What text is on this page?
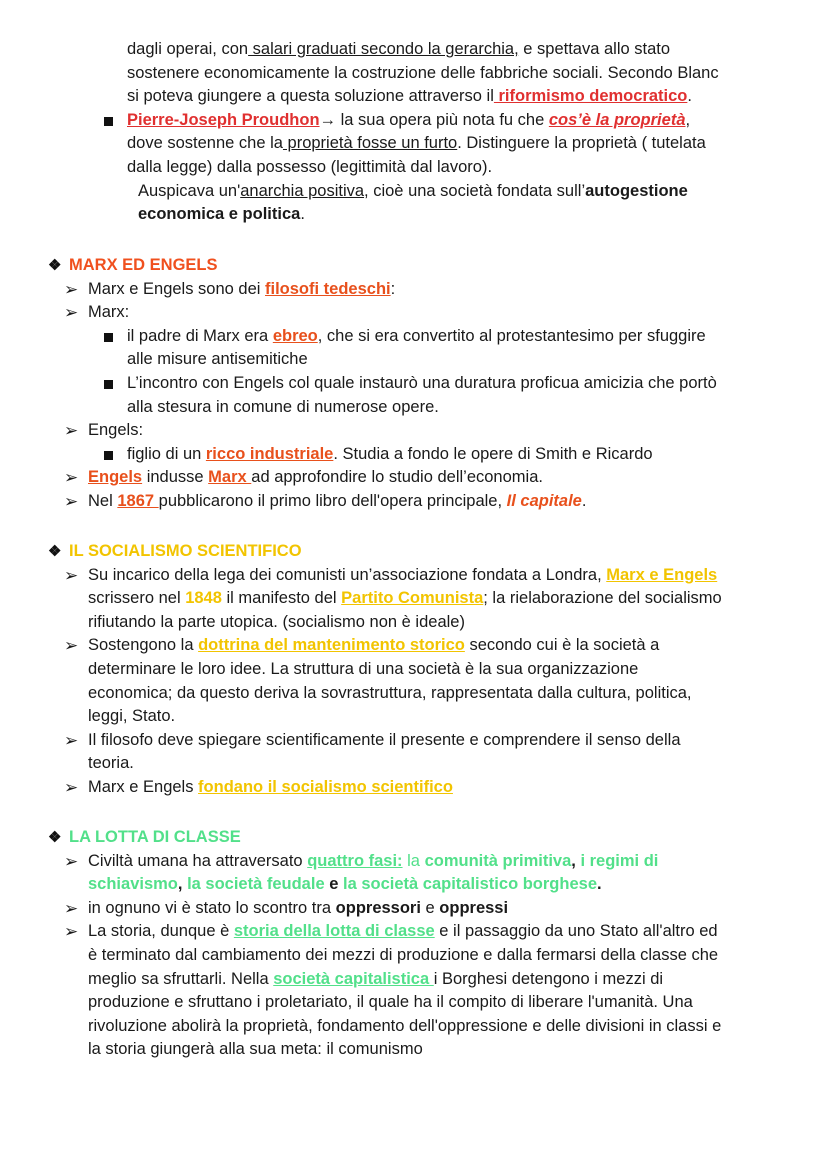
dagli operai, con salari graduati secondo la gerarchia, e spettava allo stato

sostenere economicamente la costruzione delle fabbriche sociali. Secondo Blanc

si poteva giungere a questa soluzione attraverso il riformismo democratico.

Pierre-Joseph Proudhon→ la sua opera più nota fu che cos’è la proprietà,

dove sostenne che la proprietà fosse un furto. Distinguere la proprietà ( tutelata

dalla legge) dalla possesso (legittimità dal lavoro).

Auspicava un'anarchia positiva, cioè una società fondata sull’autogestione

economica e politica.

❖ MARX ED ENGELS
➢ Marx e Engels sono dei filosofi tedeschi:

➢ Marx:

il padre di Marx era ebreo, che si era convertito al protestantesimo per sfuggire

alle misure antisemitiche

L’incontro con Engels col quale instaurò una duratura proficua amicizia che portò

alla stesura in comune di numerose opere.

➢ Engels:

figlio di un ricco industriale. Studia a fondo le opere di Smith e Ricardo

➢ Engels indusse Marx ad approfondire lo studio dell’economia.

➢ Nel 1867 pubblicarono il primo libro dell'opera principale, Il capitale.

❖ IL SOCIALISMO SCIENTIFICO
➢ Su incarico della lega dei comunisti un’associazione fondata a Londra, Marx e Engels

scrissero nel 1848 il manifesto del Partito Comunista; la rielaborazione del socialismo

rifiutando la parte utopica. (socialismo non è ideale)

➢ Sostengono la dottrina del mantenimento storico secondo cui è la società a

determinare le loro idee. La struttura di una società è la sua organizzazione

economica; da questo deriva la sovrastruttura, rappresentata dalla cultura, politica,

leggi, Stato.

➢ Il filosofo deve spiegare scientificamente il presente e comprendere il senso della

teoria.

➢ Marx e Engels fondano il socialismo scientifico

❖ LA LOTTA DI CLASSE
➢ Civiltà umana ha attraversato quattro fasi: la comunità primitiva, i regimi di

schiavismo, la società feudale e la società capitalistico borghese.

➢ in ognuno vi è stato lo scontro tra oppressori e oppressi

➢ La storia, dunque è storia della lotta di classe e il passaggio da uno Stato all'altro ed

è terminato dal cambiamento dei mezzi di produzione e dalla fermarsi della classe che

meglio sa sfruttarli. Nella società capitalistica i Borghesi detengono i mezzi di

produzione e sfruttano i proletariato, il quale ha il compito di liberare l'umanità. Una

rivoluzione abolirà la proprietà, fondamento dell'oppressione e delle divisioni in classi e

la storia giungerà alla sua meta: il comunismo
